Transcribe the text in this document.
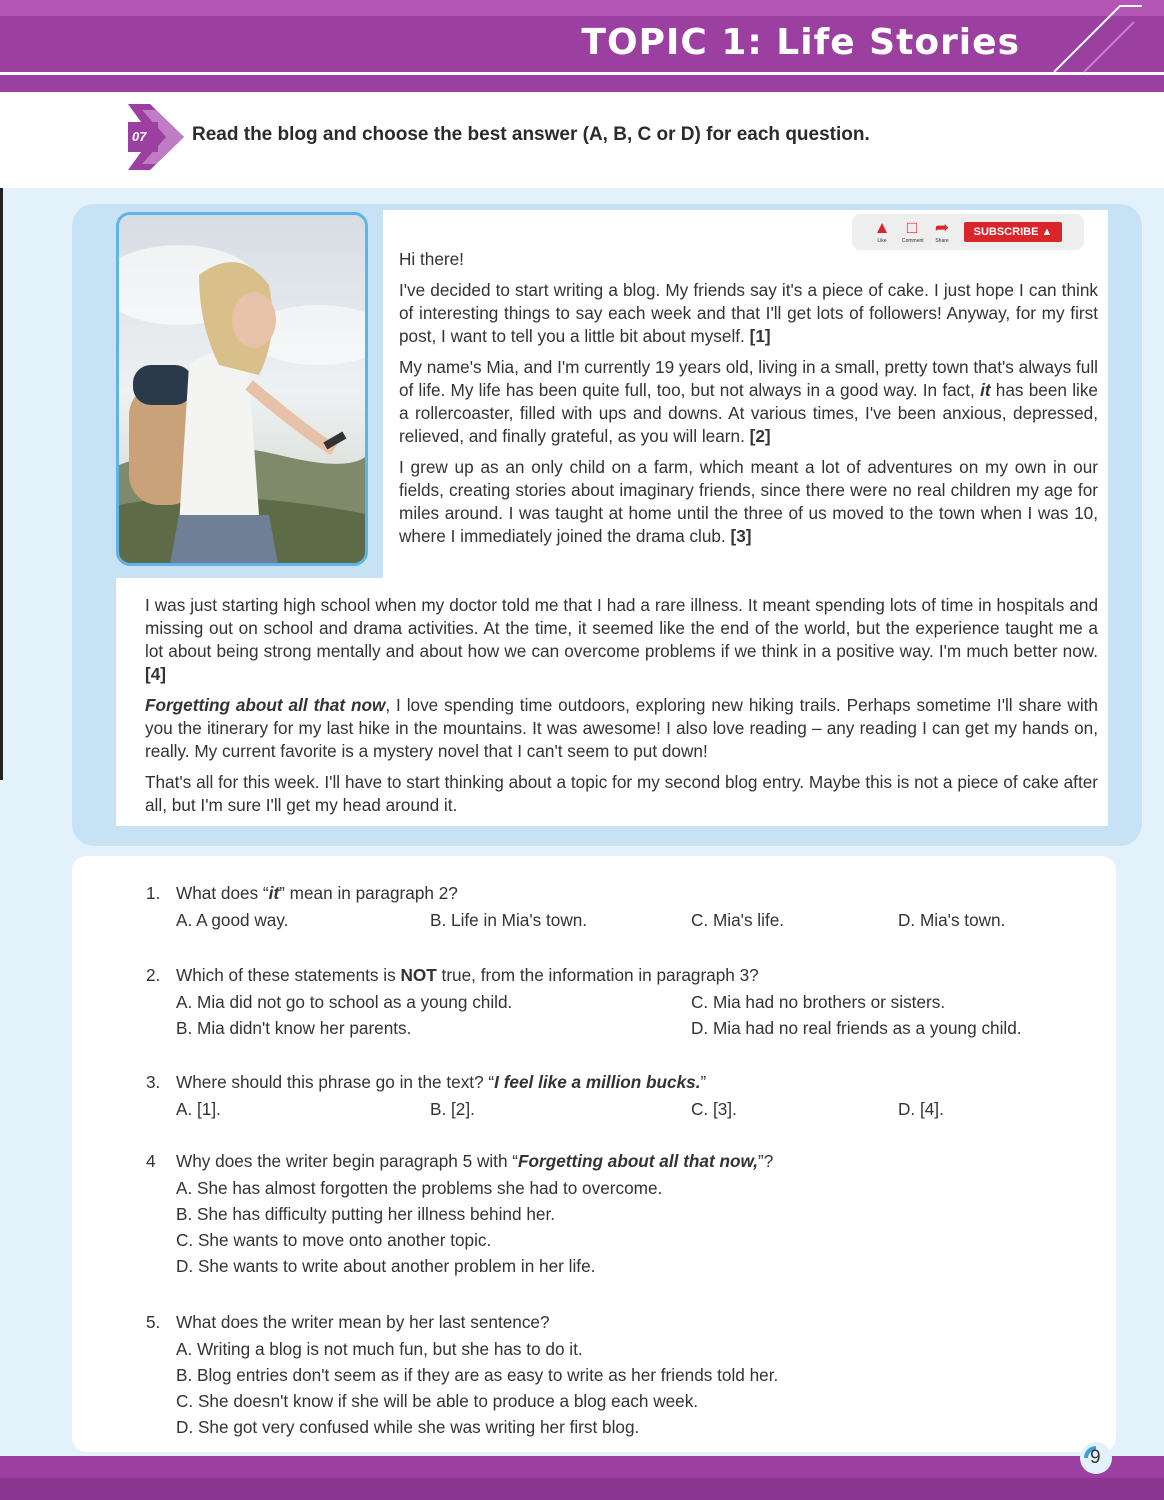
TOPIC 1: Life Stories
07	Read the blog and choose the best answer (A, B, C or D) for each question.
▲
Like
□
Comment
➦
Share
SUBSCRIBE ▲

Hi there!

I've decided to start writing a blog. My friends say it's a piece of cake. I just hope I can think of interesting things to say each week and that I'll get lots of followers! Anyway, for my first post, I want to tell you a little bit about myself. [1]

My name's Mia, and I'm currently 19 years old, living in a small, pretty town that's always full of life. My life has been quite full, too, but not always in a good way. In fact, it has been like a rollercoaster, filled with ups and downs. At various times, I've been anxious, depressed, relieved, and finally grateful, as you will learn. [2]

I grew up as an only child on a farm, which meant a lot of adventures on my own in our fields, creating stories about imaginary friends, since there were no real children my age for miles around. I was taught at home until the three of us moved to the town when I was 10, where I immediately joined the drama club. [3]

I was just starting high school when my doctor told me that I had a rare illness. It meant spending lots of time in hospitals and missing out on school and drama activities. At the time, it seemed like the end of the world, but the experience taught me a lot about being strong mentally and about how we can overcome problems if we think in a positive way. I'm much better now. [4]

Forgetting about all that now, I love spending time outdoors, exploring new hiking trails. Perhaps sometime I'll share with you the itinerary for my last hike in the mountains. It was awesome! I also love reading – any reading I can get my hands on, really. My current favorite is a mystery novel that I can't seem to put down!

That's all for this week. I'll have to start thinking about a topic for my second blog entry. Maybe this is not a piece of cake after all, but I'm sure I'll get my head around it.

1. What does “it” mean in paragraph 2?
A. A good way.	B. Life in Mia's town.	C. Mia's life.	D. Mia's town.
2. Which of these statements is NOT true, from the information in paragraph 3?
A. Mia did not go to school as a young child.	C. Mia had no brothers or sisters.
B. Mia didn't know her parents.	D. Mia had no real friends as a young child.
3. Where should this phrase go in the text? “I feel like a million bucks.”
A. [1].	B. [2].	C. [3].	D. [4].
4 Why does the writer begin paragraph 5 with “Forgetting about all that now,”?
A. She has almost forgotten the problems she had to overcome.
B. She has difficulty putting her illness behind her.
C. She wants to move onto another topic.
D. She wants to write about another problem in her life.
5. What does the writer mean by her last sentence?
A. Writing a blog is not much fun, but she has to do it.
B. Blog entries don't seem as if they are as easy to write as her friends told her.
C. She doesn't know if she will be able to produce a blog each week.
D. She got very confused while she was writing her first blog.
9
